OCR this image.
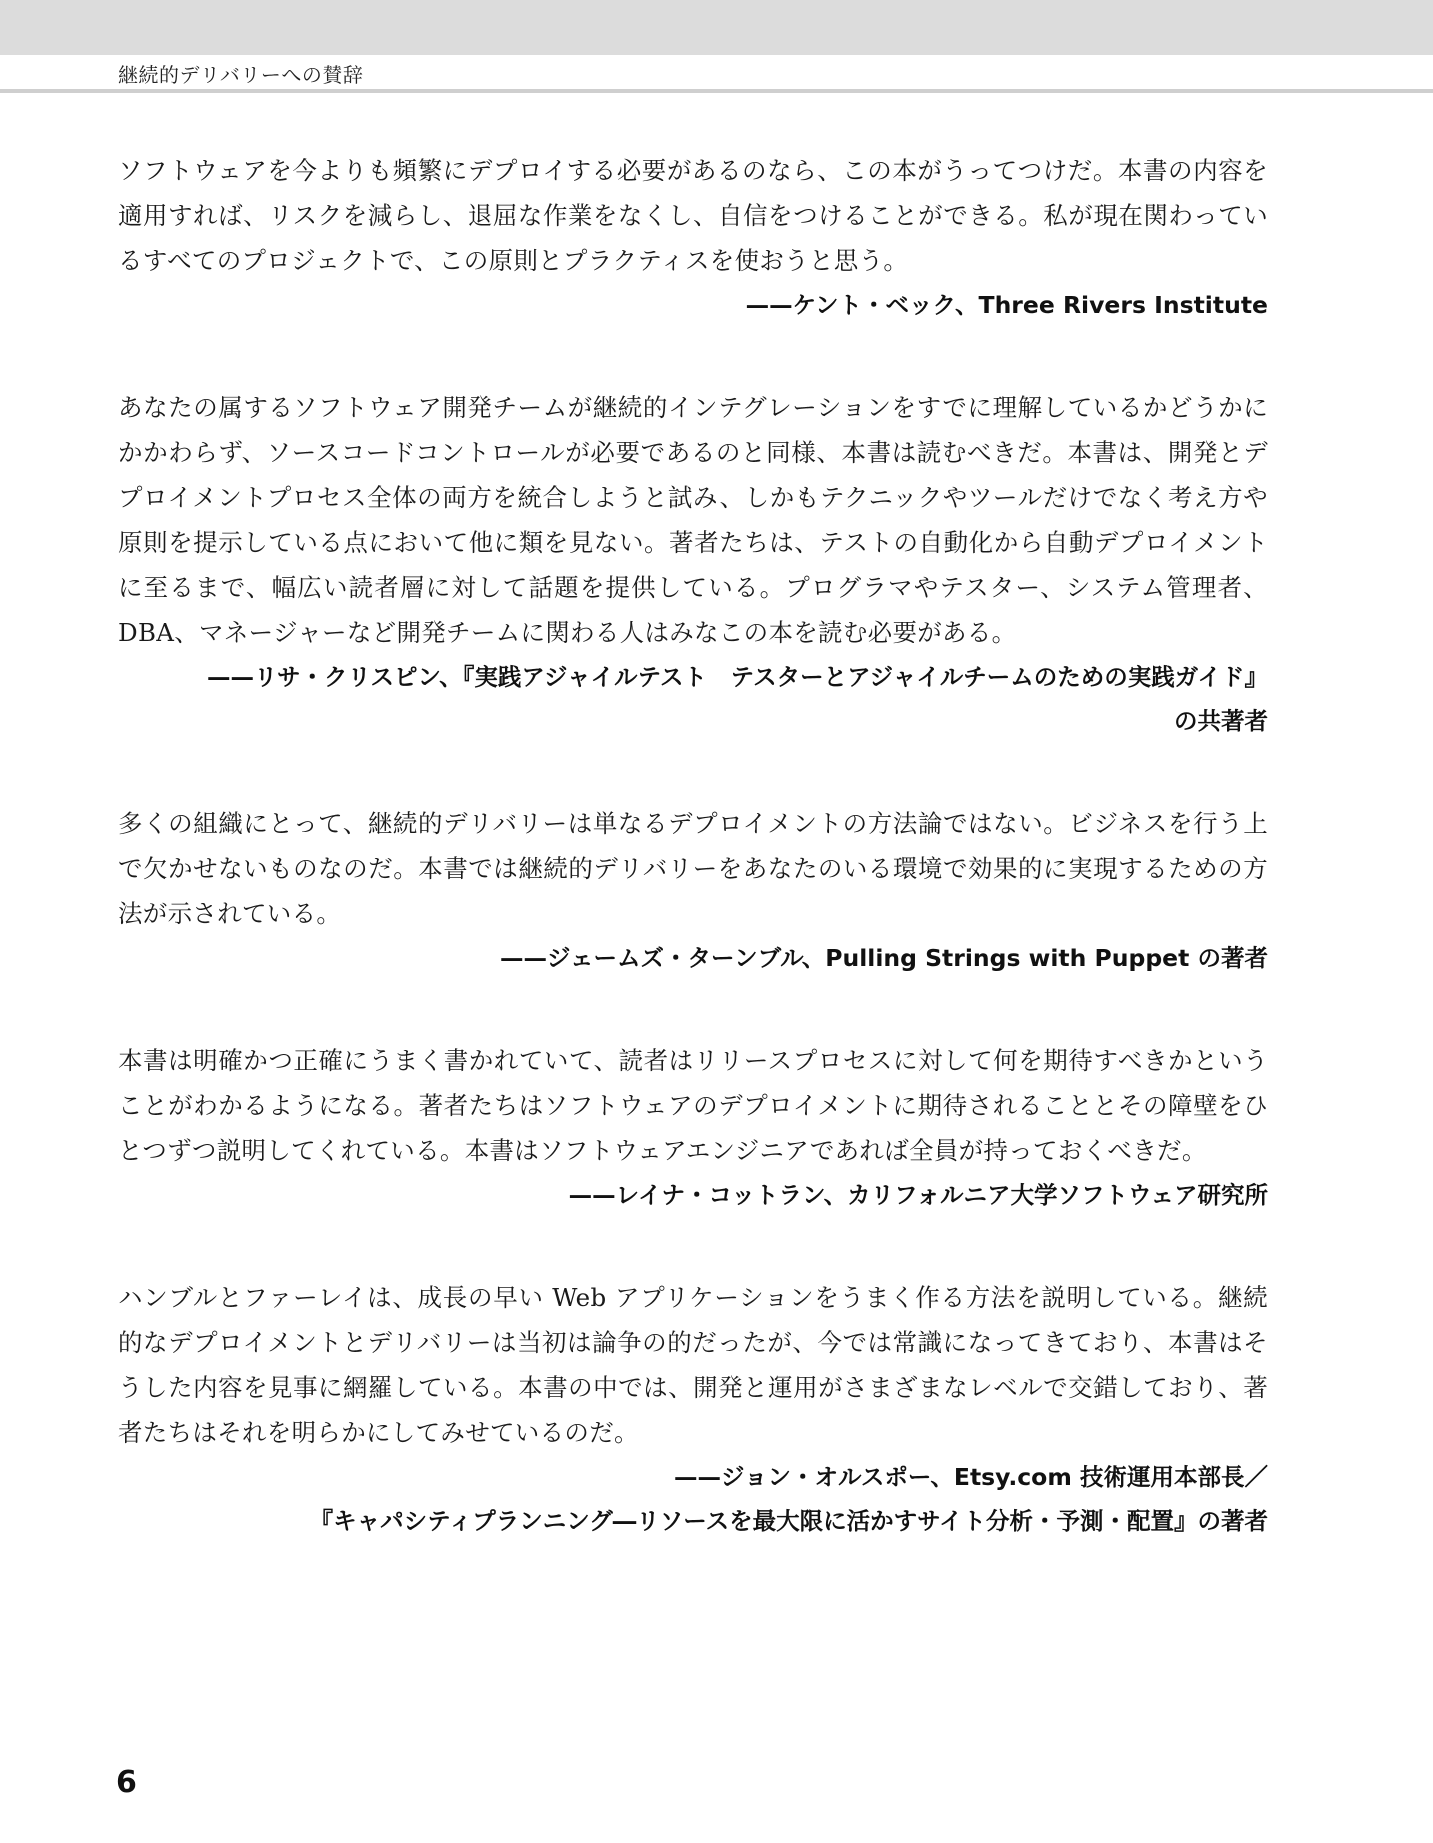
継続的デリバリーへの賛辞

ソフトウェアを今よりも頻繁にデプロイする必要があるのなら、この本がうってつけだ。本書の内容を適用すれば、リスクを減らし、退屈な作業をなくし、自信をつけることができる。私が現在関わっているすべてのプロジェクトで、この原則とプラクティスを使おうと思う。

——ケント・ベック、Three Rivers Institute

あなたの属するソフトウェア開発チームが継続的インテグレーションをすでに理解しているかどうかにかかわらず、ソースコードコントロールが必要であるのと同様、本書は読むべきだ。本書は、開発とデプロイメントプロセス全体の両方を統合しようと試み、しかもテクニックやツールだけでなく考え方や原則を提示している点において他に類を見ない。著者たちは、テストの自動化から自動デプロイメントに至るまで、幅広い読者層に対して話題を提供している。プログラマやテスター、システム管理者、DBA、マネージャーなど開発チームに関わる人はみなこの本を読む必要がある。

——リサ・クリスピン、『実践アジャイルテスト　テスターとアジャイルチームのための実践ガイド』

の共著者

多くの組織にとって、継続的デリバリーは単なるデプロイメントの方法論ではない。ビジネスを行う上で欠かせないものなのだ。本書では継続的デリバリーをあなたのいる環境で効果的に実現するための方法が示されている。

——ジェームズ・ターンブル、Pulling Strings with Puppet の著者

本書は明確かつ正確にうまく書かれていて、読者はリリースプロセスに対して何を期待すべきかということがわかるようになる。著者たちはソフトウェアのデプロイメントに期待されることとその障壁をひとつずつ説明してくれている。本書はソフトウェアエンジニアであれば全員が持っておくべきだ。

——レイナ・コットラン、カリフォルニア大学ソフトウェア研究所

ハンブルとファーレイは、成長の早い Web アプリケーションをうまく作る方法を説明している。継続的なデプロイメントとデリバリーは当初は論争の的だったが、今では常識になってきており、本書はそうした内容を見事に網羅している。本書の中では、開発と運用がさまざまなレベルで交錯しており、著者たちはそれを明らかにしてみせているのだ。

——ジョン・オルスポー、Etsy.com 技術運用本部長／

『キャパシティプランニング―リソースを最大限に活かすサイト分析・予測・配置』の著者

6
